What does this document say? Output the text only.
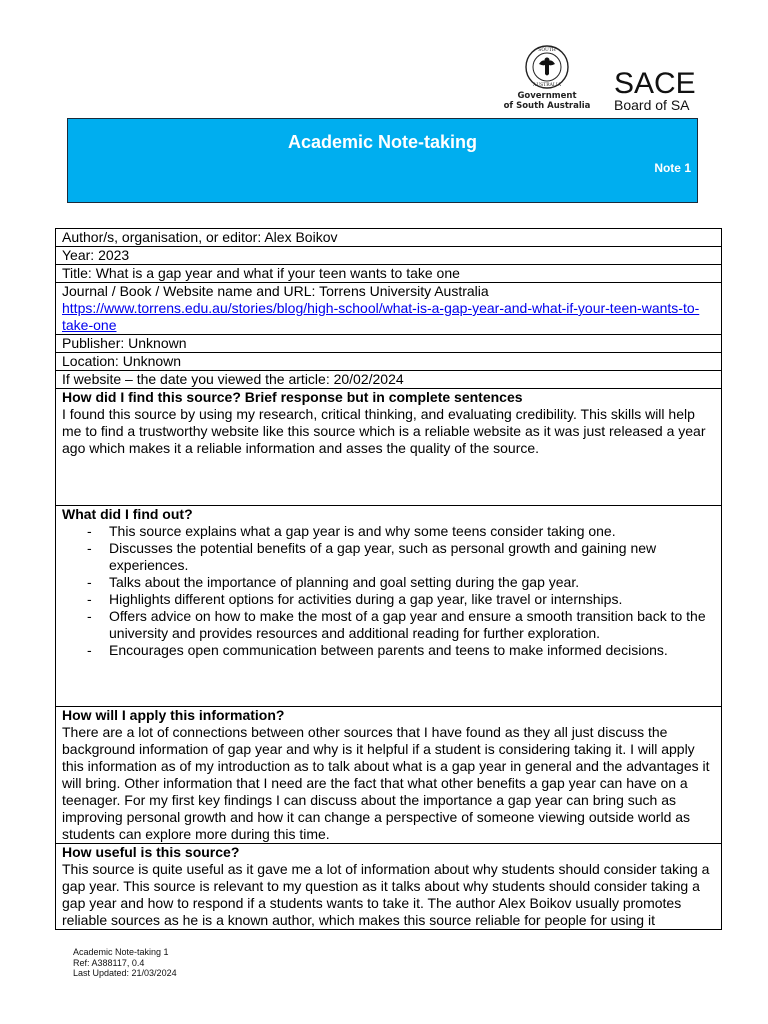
SOUTH
AUSTRALIA
Government
of South Australia
SACE
Board of SA
Academic Note-taking
Note 1
Author/s, organisation, or editor: Alex Boikov
Year: 2023
Title: What is a gap year and what if your teen wants to take one
Journal / Book / Website name and URL: Torrens University Australia
https://www.torrens.edu.au/stories/blog/high-school/what-is-a-gap-year-and-what-if-your-teen-wants-to-take-one
Publisher: Unknown
Location: Unknown
If website – the date you viewed the article: 20/02/2024
How did I find this source? Brief response but in complete sentences
I found this source by using my research, critical thinking, and evaluating credibility. This skills will help me to find a trustworthy website like this source which is a reliable website as it was just released a year ago which makes it a reliable information and asses the quality of the source.
What did I find out?
- This source explains what a gap year is and why some teens consider taking one.
- Discusses the potential benefits of a gap year, such as personal growth and gaining new experiences.
- Talks about the importance of planning and goal setting during the gap year.
- Highlights different options for activities during a gap year, like travel or internships.
- Offers advice on how to make the most of a gap year and ensure a smooth transition back to the university and provides resources and additional reading for further exploration.
- Encourages open communication between parents and teens to make informed decisions.
How will I apply this information?
There are a lot of connections between other sources that I have found as they all just discuss the background information of gap year and why is it helpful if a student is considering taking it. I will apply this information as of my introduction as to talk about what is a gap year in general and the advantages it will bring. Other information that I need are the fact that what other benefits a gap year can have on a teenager. For my first key findings I can discuss about the importance a gap year can bring such as improving personal growth and how it can change a perspective of someone viewing outside world as students can explore more during this time.
How useful is this source?
This source is quite useful as it gave me a lot of information about why students should consider taking a gap year. This source is relevant to my question as it talks about why students should consider taking a gap year and how to respond if a students wants to take it. The author Alex Boikov usually promotes reliable sources as he is a known author, which makes this source reliable for people for using it
Academic Note-taking 1
Ref: A388117, 0.4
Last Updated: 21/03/2024
